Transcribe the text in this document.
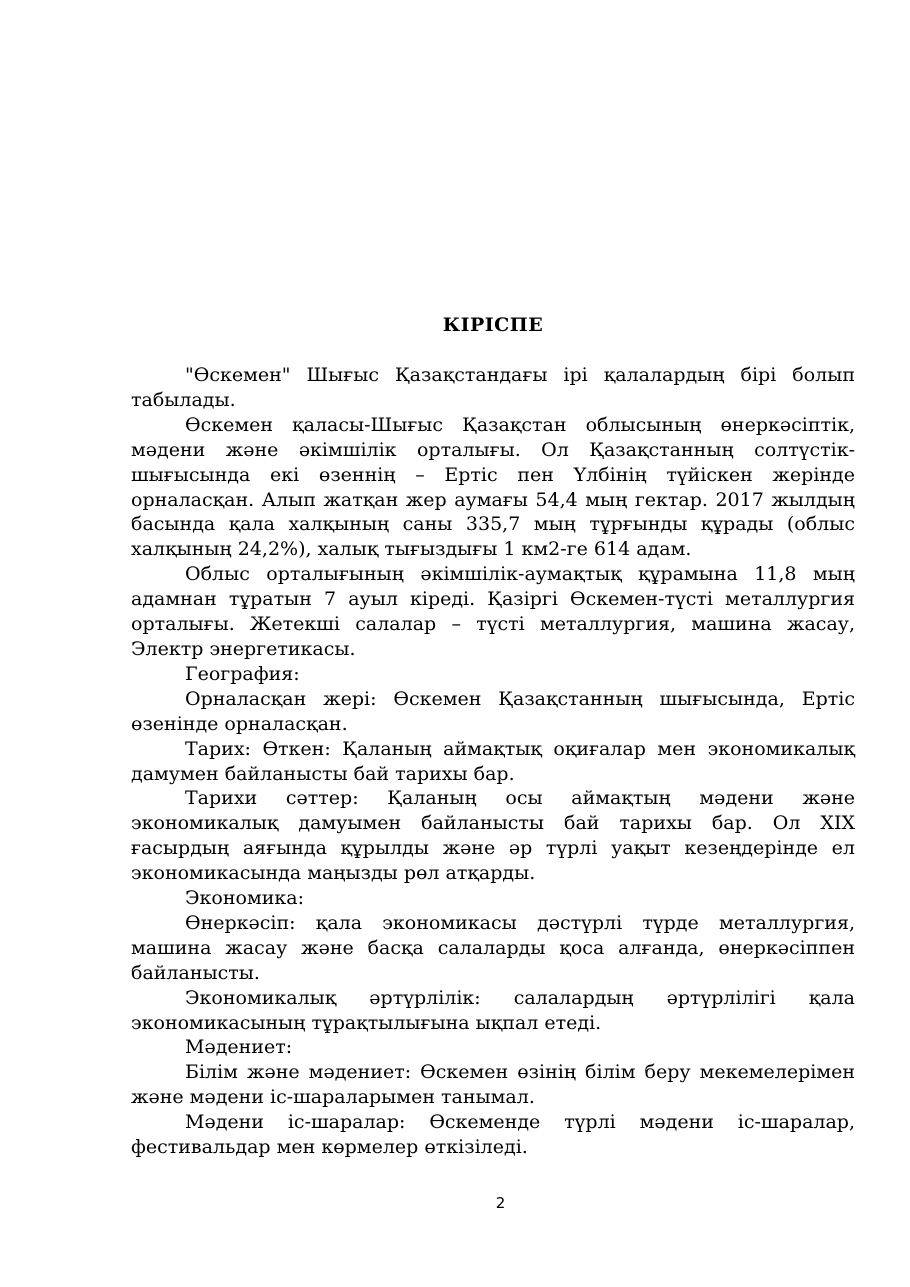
КІРІСПЕ

"Өскемен" Шығыс Қазақстандағы ірі қалалардың бірі болып табылады.

Өскемен қаласы-Шығыс Қазақстан облысының өнеркәсіптік, мәдени және әкімшілік орталығы. Ол Қазақстанның солтүстік-шығысында екі өзеннің – Ертіс пен Үлбінің түйіскен жерінде орналасқан. Алып жатқан жер аумағы 54,4 мың гектар. 2017 жылдың басында қала халқының саны 335,7 мың тұрғынды құрады (облыс халқының 24,2%), халық тығыздығы 1 км2-ге 614 адам.

Облыс орталығының әкімшілік-аумақтық құрамына 11,8 мың адамнан тұратын 7 ауыл кіреді. Қазіргі Өскемен-түсті металлургия орталығы. Жетекші салалар – түсті металлургия, машина жасау, Электр энергетикасы.

География:

Орналасқан жері: Өскемен Қазақстанның шығысында, Ертіс өзенінде орналасқан.

Тарих: Өткен: Қаланың аймақтық оқиғалар мен экономикалық дамумен байланысты бай тарихы бар.

Тарихи сәттер: Қаланың осы аймақтың мәдени және экономикалық дамуымен байланысты бай тарихы бар. Ол XIX ғасырдың аяғында құрылды және әр түрлі уақыт кезеңдерінде ел экономикасында маңызды рөл атқарды.

Экономика:

Өнеркәсіп: қала экономикасы дәстүрлі түрде металлургия, машина жасау және басқа салаларды қоса алғанда, өнеркәсіппен байланысты.

Экономикалық әртүрлілік: салалардың әртүрлілігі қала экономикасының тұрақтылығына ықпал етеді.

Мәдениет:

Білім және мәдениет: Өскемен өзінің білім беру мекемелерімен және мәдени іс-шараларымен танымал.

Мәдени іс-шаралар: Өскеменде түрлі мәдени іс-шаралар, фестивальдар мен көрмелер өткізіледі.

2
